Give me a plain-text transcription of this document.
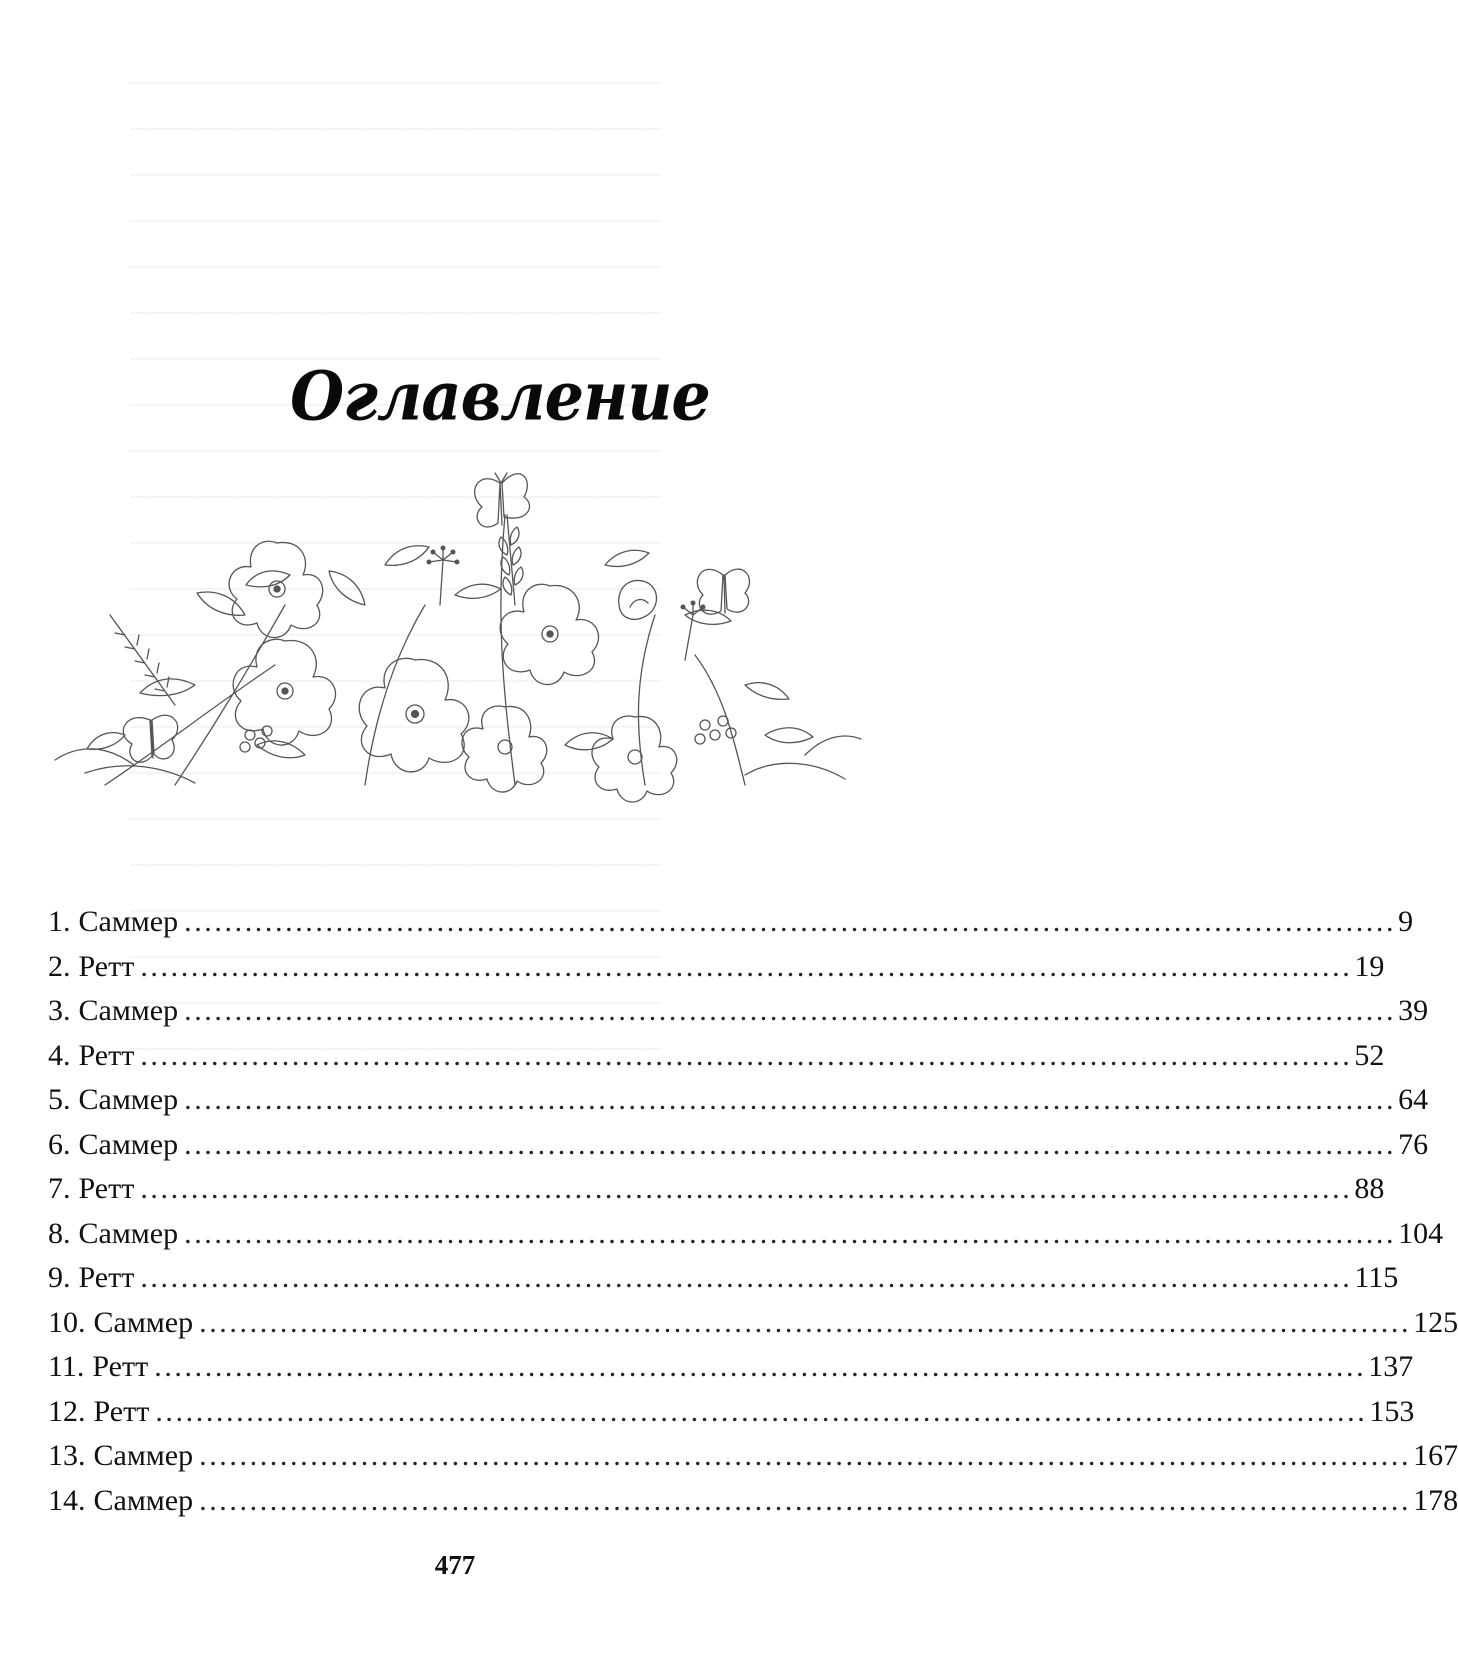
Оглавление
1. Саммер ........................................................................................................................ 9
2. Ретт ........................................................................................................................ 19
3. Саммер ........................................................................................................................ 39
4. Ретт ........................................................................................................................ 52
5. Саммер ........................................................................................................................ 64
6. Саммер ........................................................................................................................ 76
7. Ретт ........................................................................................................................ 88
8. Саммер ........................................................................................................................ 104
9. Ретт ........................................................................................................................ 115
10. Саммер ........................................................................................................................ 125
11. Ретт ........................................................................................................................ 137
12. Ретт ........................................................................................................................ 153
13. Саммер ........................................................................................................................ 167
14. Саммер ........................................................................................................................ 178
477
